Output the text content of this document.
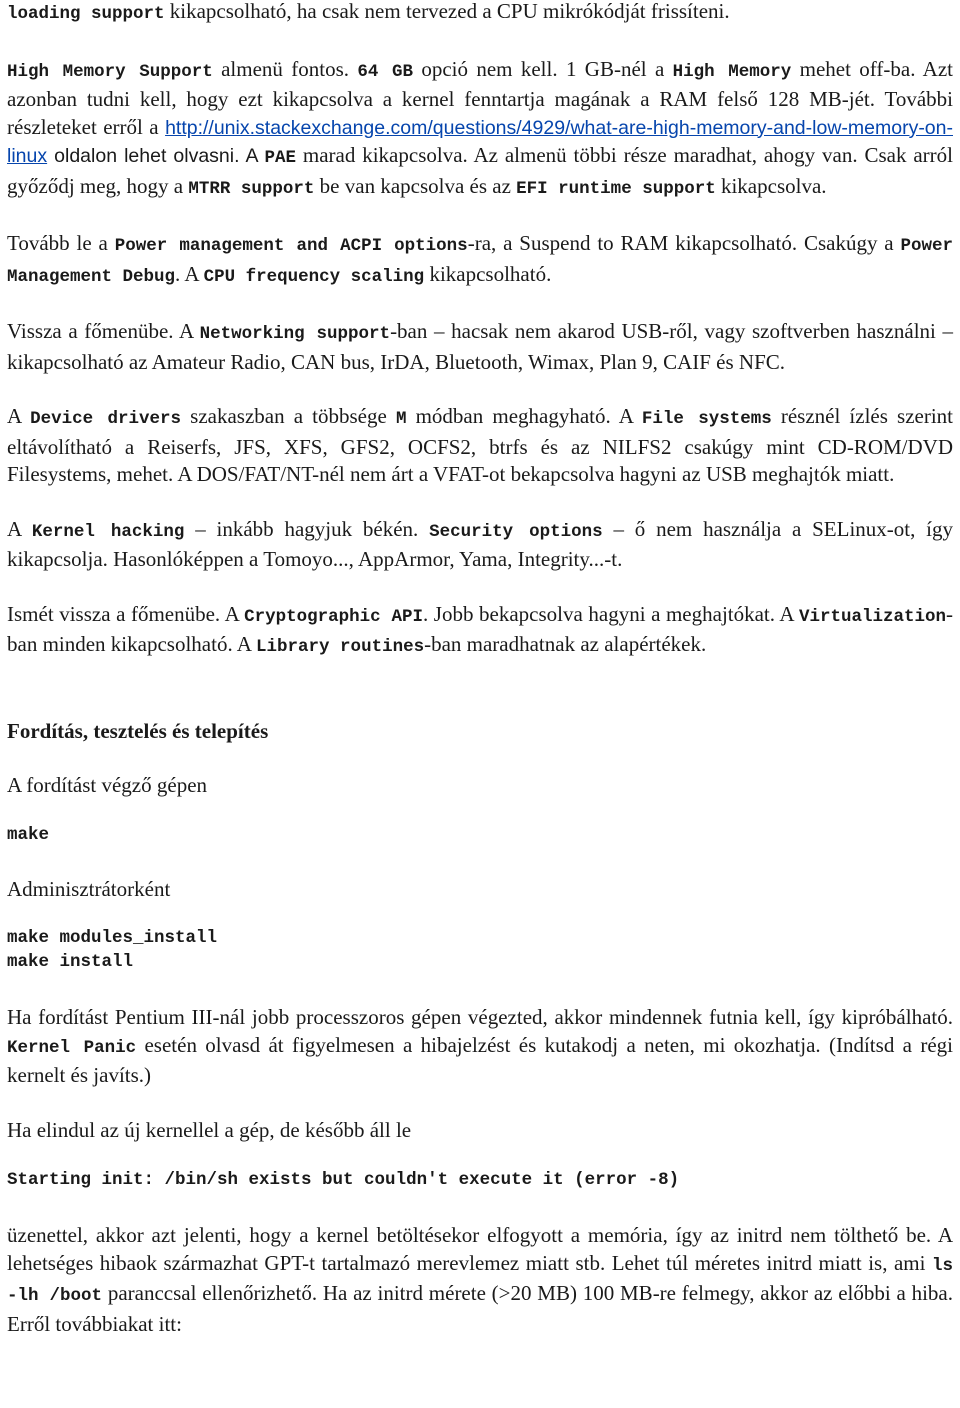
loading support kikapcsolható, ha csak nem tervezed a CPU mikrókódját frissíteni.

High Memory Support almenü fontos. 64 GB opció nem kell. 1 GB-nél a High Memory mehet off-ba. Azt azonban tudni kell, hogy ezt kikapcsolva a kernel fenntartja magának a RAM felső 128 MB-jét. További részleteket erről a http://unix.stackexchange.com/questions/4929/what-are-high-memory-and-low-memory-on-linux oldalon lehet olvasni. A PAE marad kikapcsolva. Az almenü többi része maradhat, ahogy van. Csak arról győződj meg, hogy a MTRR support be van kapcsolva és az EFI runtime support kikapcsolva.

Tovább le a Power management and ACPI options-ra, a Suspend to RAM kikapcsolható. Csakúgy a Power Management Debug. A CPU frequency scaling kikapcsolható.

Vissza a főmenübe. A Networking support-ban – hacsak nem akarod USB-ről, vagy szoftverben használni – kikapcsolható az Amateur Radio, CAN bus, IrDA, Bluetooth, Wimax, Plan 9, CAIF és NFC.

A Device drivers szakaszban a többsége M módban meghagyható. A File systems résznél ízlés szerint eltávolítható a Reiserfs, JFS, XFS, GFS2, OCFS2, btrfs és az NILFS2 csakúgy mint CD-ROM/DVD Filesystems, mehet. A DOS/FAT/NT-nél nem árt a VFAT-ot bekapcsolva hagyni az USB meghajtók miatt.

A Kernel hacking – inkább hagyjuk békén. Security options – ő nem használja a SELinux-ot, így kikapcsolja. Hasonlóképpen a Tomoyo..., AppArmor, Yama, Integrity...-t.

Ismét vissza a főmenübe. A Cryptographic API. Jobb bekapcsolva hagyni a meghajtókat. A Virtualization-ban minden kikapcsolható. A Library routines-ban maradhatnak az alapértékek.

Fordítás, tesztelés és telepítés

A fordítást végző gépen

make

Adminisztrátorként

make modules_install
make install

Ha fordítást Pentium III-nál jobb processzoros gépen végezted, akkor mindennek futnia kell, így kipróbálható. Kernel Panic esetén olvasd át figyelmesen a hibajelzést és kutakodj a neten, mi okozhatja. (Indítsd a régi kernelt és javíts.)

Ha elindul az új kernellel a gép, de később áll le

Starting init: /bin/sh exists but couldn't execute it (error -8)

üzenettel, akkor azt jelenti, hogy a kernel betöltésekor elfogyott a memória, így az initrd nem tölthető be. A lehetséges hibaok származhat GPT-t tartalmazó merevlemez miatt stb. Lehet túl méretes initrd miatt is, ami ls -lh /boot paranccsal ellenőrizhető. Ha az initrd mérete (>20 MB) 100 MB-re felmegy, akkor az előbbi a hiba. Erről továbbiakat itt:
